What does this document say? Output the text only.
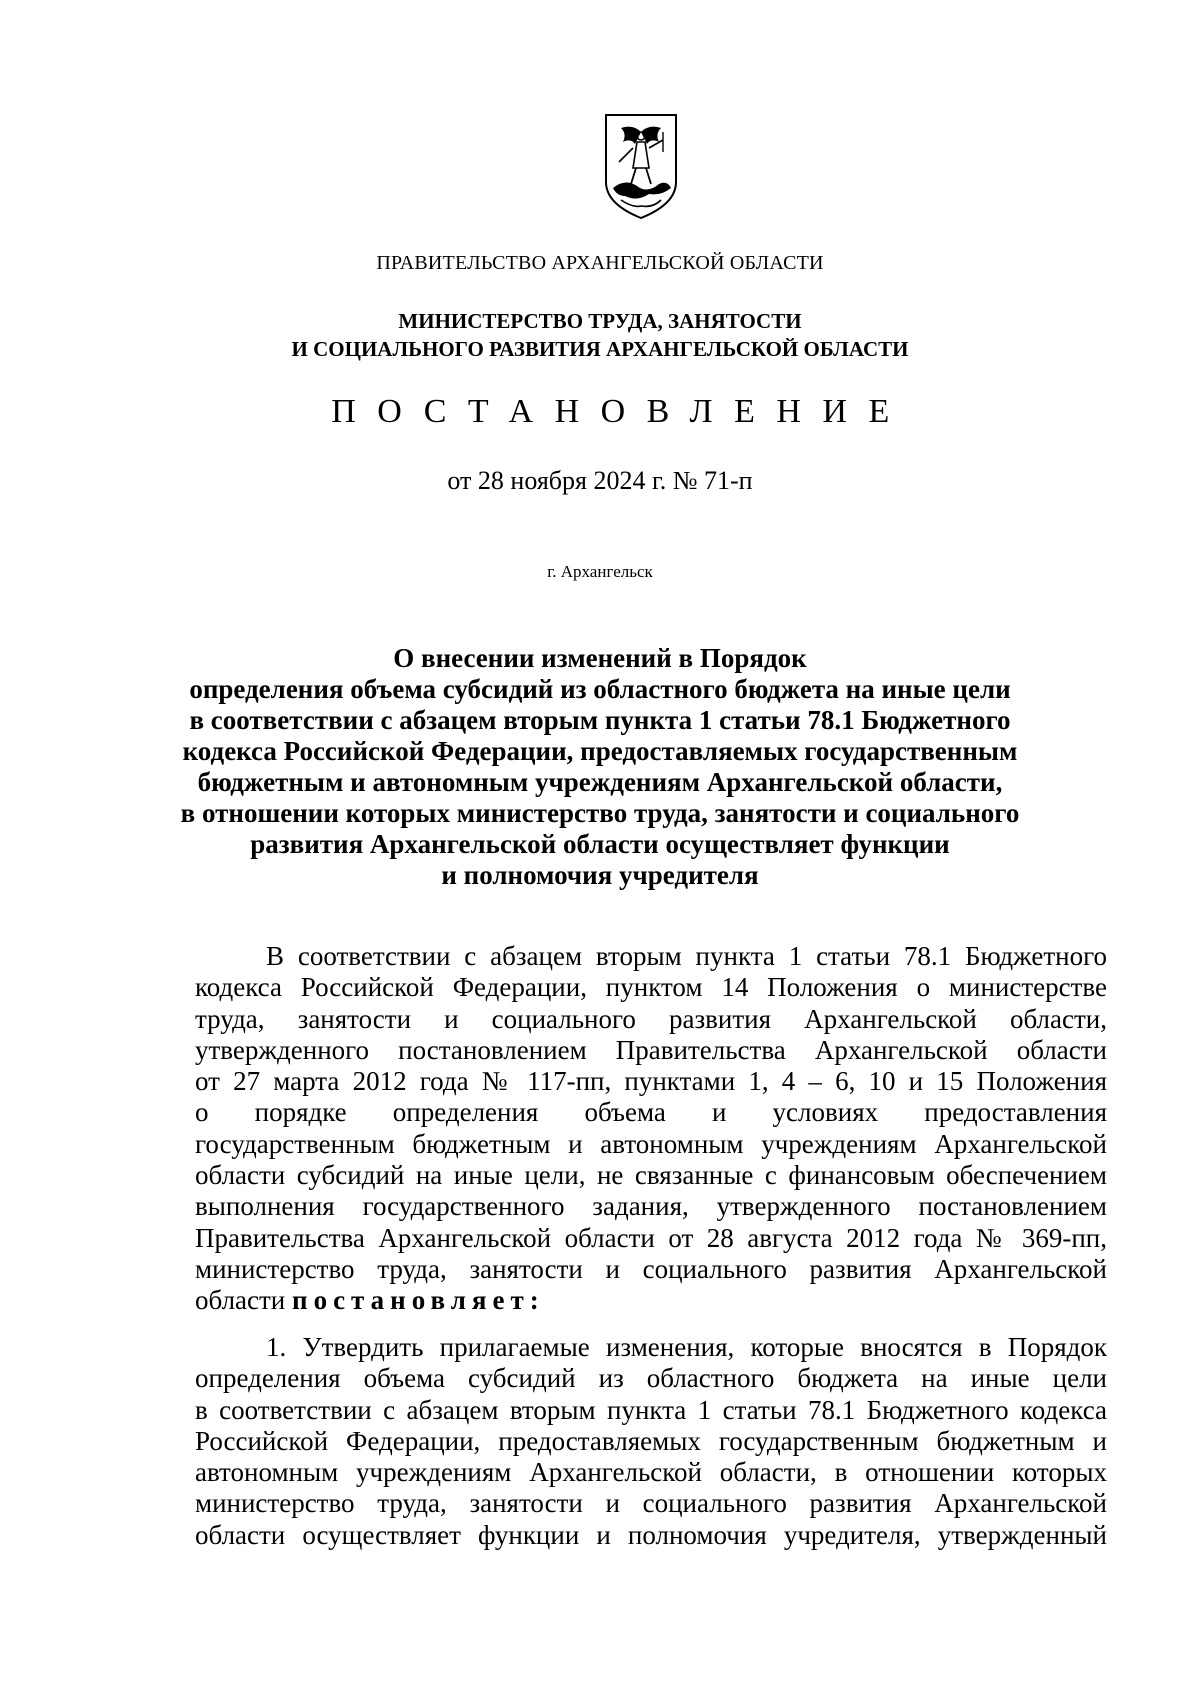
ПРАВИТЕЛЬСТВО АРХАНГЕЛЬСКОЙ ОБЛАСТИ
МИНИСТЕРСТВО ТРУДА, ЗАНЯТОСТИ
И СОЦИАЛЬНОГО РАЗВИТИЯ АРХАНГЕЛЬСКОЙ ОБЛАСТИ
ПОСТАНОВЛЕНИЕ
от 28 ноября 2024 г. № 71-п
г. Архангельск
О внесении изменений в Порядок
определения объема субсидий из областного бюджета на иные цели
в соответствии с абзацем вторым пункта 1 статьи 78.1 Бюджетного
кодекса Российской Федерации, предоставляемых государственным
бюджетным и автономным учреждениям Архангельской области,
в отношении которых министерство труда, занятости и социального
развития Архангельской области осуществляет функции
и полномочия учредителя
В соответствии с абзацем вторым пункта 1 статьи 78.1 Бюджетного
кодекса Российской Федерации, пунктом 14 Положения о министерстве
труда, занятости и социального развития Архангельской области,
утвержденного постановлением Правительства Архангельской области
от 27 марта 2012 года № 117-пп, пунктами 1, 4 – 6, 10 и 15 Положения
о порядке определения объема и условиях предоставления
государственным бюджетным и автономным учреждениям Архангельской
области субсидий на иные цели, не связанные с финансовым обеспечением
выполнения государственного задания, утвержденного постановлением
Правительства Архангельской области от 28 августа 2012 года № 369-пп,
министерство труда, занятости и социального развития Архангельской
области постановляет:
1. Утвердить прилагаемые изменения, которые вносятся в Порядок
определения объема субсидий из областного бюджета на иные цели
в соответствии с абзацем вторым пункта 1 статьи 78.1 Бюджетного кодекса
Российской Федерации, предоставляемых государственным бюджетным и
автономным учреждениям Архангельской области, в отношении которых
министерство труда, занятости и социального развития Архангельской
области осуществляет функции и полномочия учредителя, утвержденный
